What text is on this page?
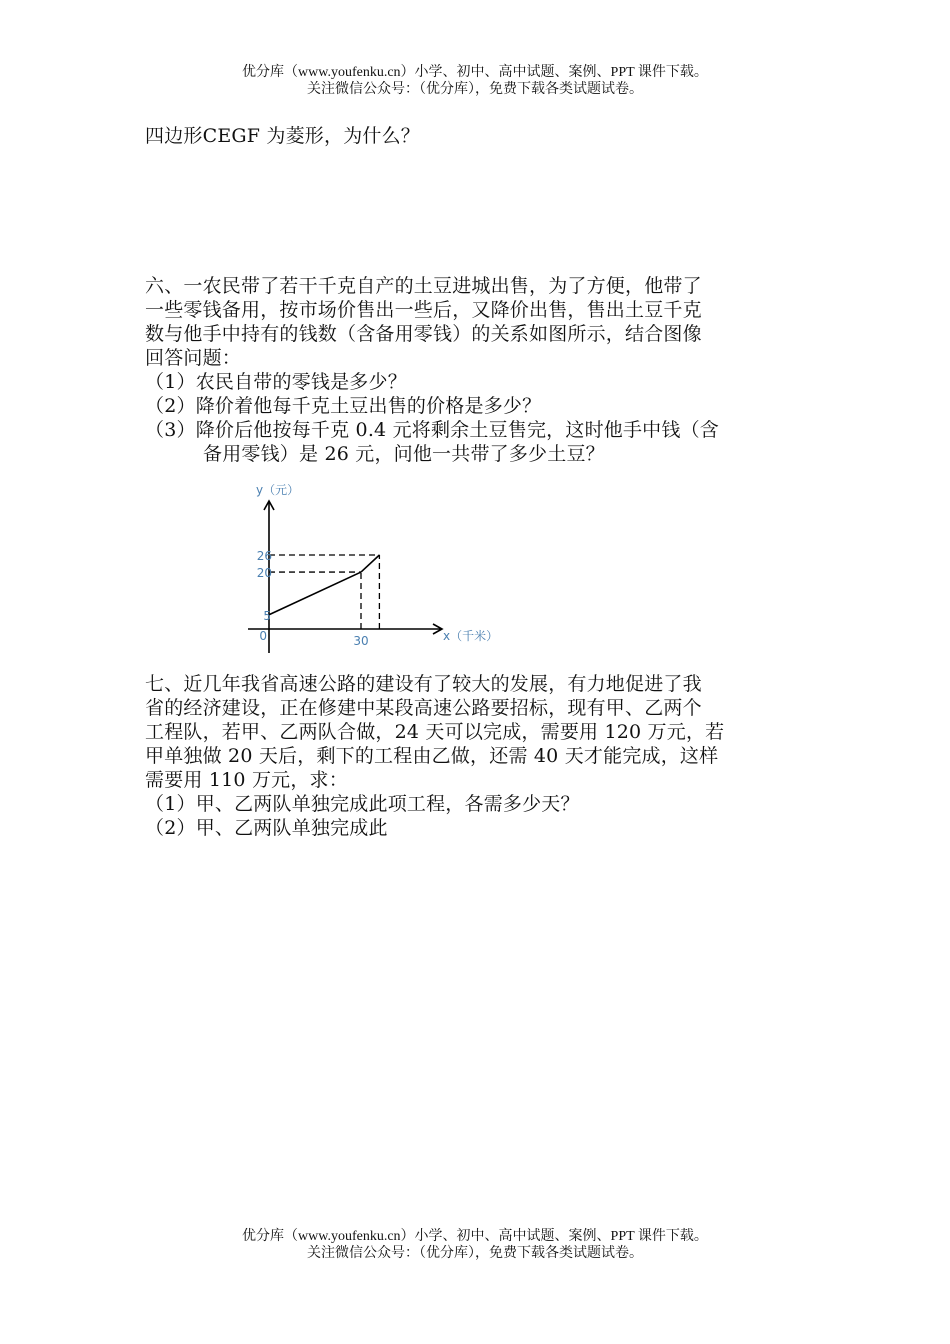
优分库（www.youfenku.cn）小学、初中、高中试题、案例、PPT 课件下载。
关注微信公众号：（优分库），免费下载各类试题试卷。
四边形CEGF 为菱形，为什么？
六、一农民带了若干千克自产的土豆进城出售，为了方便，他带了
一些零钱备用，按市场价售出一些后，又降价出售，售出土豆千克
数与他手中持有的钱数（含备用零钱）的关系如图所示，结合图像
回答问题：
（1）农民自带的零钱是多少？
（2）降价着他每千克土豆出售的价格是多少？
（3）降价后他按每千克 0.4 元将剩余土豆售完，这时他手中钱（含
备用零钱）是 26 元，问他一共带了多少土豆？
y（元）
x（千米）
0	30
5
20
26
七、近几年我省高速公路的建设有了较大的发展，有力地促进了我
省的经济建设，正在修建中某段高速公路要招标，现有甲、乙两个
工程队，若甲、乙两队合做，24 天可以完成，需要用 120 万元，若
甲单独做 20 天后，剩下的工程由乙做，还需 40 天才能完成，这样
需要用 110 万元，求：
（1）甲、乙两队单独完成此项工程，各需多少天？
（2）甲、乙两队单独完成此
优分库（www.youfenku.cn）小学、初中、高中试题、案例、PPT 课件下载。
关注微信公众号：（优分库），免费下载各类试题试卷。
